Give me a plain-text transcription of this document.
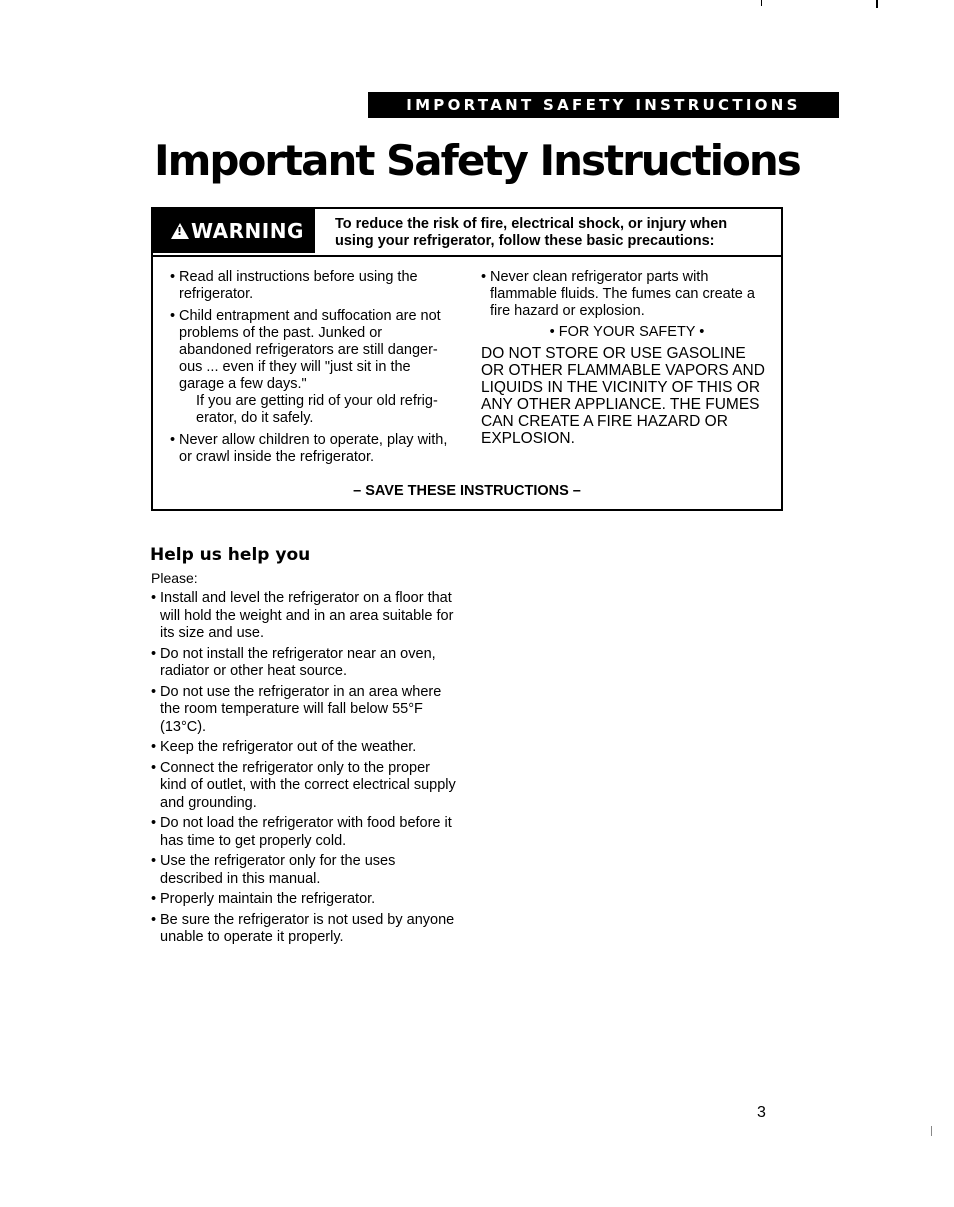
IMPORTANT SAFETY INSTRUCTIONS
Important Safety Instructions
! WARNING To reduce the risk of fire, electrical shock, or injury when
using your refrigerator, follow these basic precautions:

• Read all instructions before using the refrigerator.

• Child entrapment and suffocation are not problems of the past. Junked or abandoned refrigerators are still danger- ous ... even if they will "just sit in the garage a few days."

If you are getting rid of your old refrig- erator, do it safely.

• Never allow children to operate, play with, or crawl inside the refrigerator.

• Never clean refrigerator parts with flammable fluids. The fumes can create a fire hazard or explosion.

• FOR YOUR SAFETY •

DO NOT STORE OR USE GASOLINE OR OTHER FLAMMABLE VAPORS AND LIQUIDS IN THE VICINITY OF THIS OR ANY OTHER APPLIANCE. THE FUMES CAN CREATE A FIRE HAZARD OR EXPLOSION.

– SAVE THESE INSTRUCTIONS –
Help us help you
Please:

• Install and level the refrigerator on a floor that will hold the weight and in an area suitable for its size and use.

• Do not install the refrigerator near an oven, radiator or other heat source.

• Do not use the refrigerator in an area where the room temperature will fall below 55°F (13°C).

• Keep the refrigerator out of the weather.

• Connect the refrigerator only to the proper kind of outlet, with the correct electrical supply and grounding.

• Do not load the refrigerator with food before it has time to get properly cold.

• Use the refrigerator only for the uses described in this manual.

• Properly maintain the refrigerator.

• Be sure the refrigerator is not used by anyone unable to operate it properly.

3
